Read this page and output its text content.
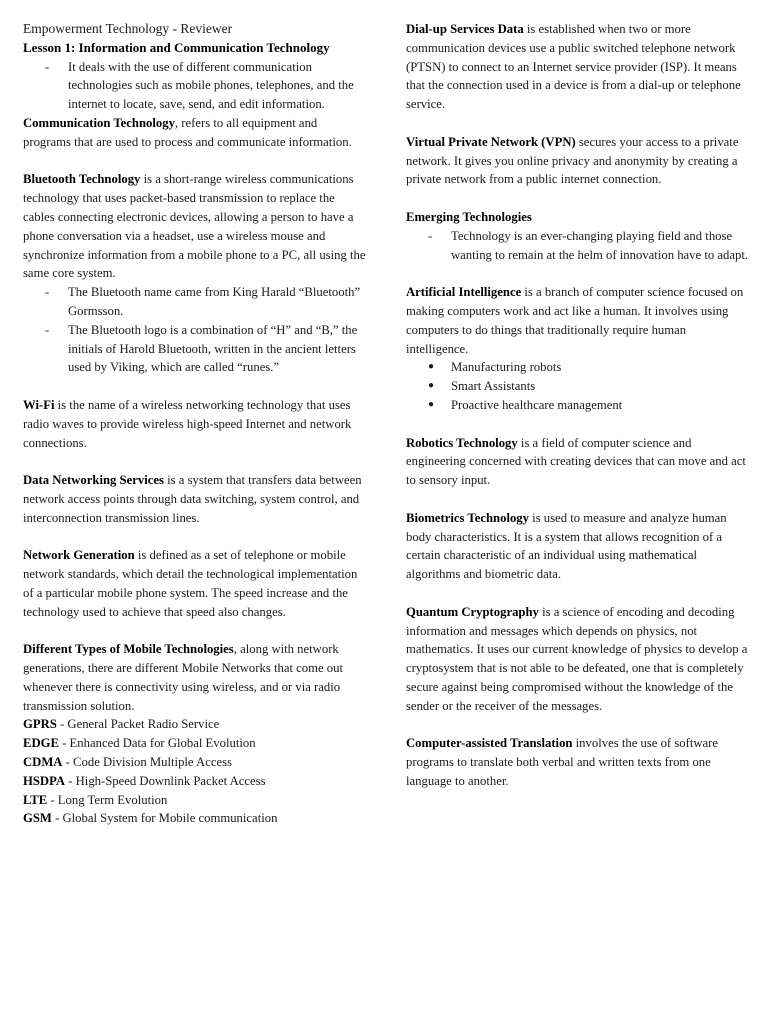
Empowerment Technology - Reviewer

Lesson 1: Information and Communication Technology

- It deals with the use of different communication technologies such as mobile phones, telephones, and the internet to locate, save, send, and edit information.

Communication Technology, refers to all equipment and programs that are used to process and communicate information.

Bluetooth Technology is a short-range wireless communications technology that uses packet-based transmission to replace the cables connecting electronic devices, allowing a person to have a phone conversation via a headset, use a wireless mouse and synchronize information from a mobile phone to a PC, all using the same core system.

- The Bluetooth name came from King Harald “Bluetooth” Gormsson.
- The Bluetooth logo is a combination of “H” and “B,” the initials of Harold Bluetooth, written in the ancient letters used by Viking, which are called “runes.”

Wi-Fi is the name of a wireless networking technology that uses radio waves to provide wireless high-speed Internet and network connections.

Data Networking Services is a system that transfers data between network access points through data switching, system control, and interconnection transmission lines.

Network Generation is defined as a set of telephone or mobile network standards, which detail the technological implementation of a particular mobile phone system. The speed increase and the technology used to achieve that speed also changes.

Different Types of Mobile Technologies, along with network generations, there are different Mobile Networks that come out whenever there is connectivity using wireless, and or via radio transmission solution.

GPRS - General Packet Radio Service

EDGE - Enhanced Data for Global Evolution

CDMA - Code Division Multiple Access

HSDPA - High-Speed Downlink Packet Access

LTE - Long Term Evolution

GSM - Global System for Mobile communication

Dial-up Services Data is established when two or more communication devices use a public switched telephone network (PTSN) to connect to an Internet service provider (ISP). It means that the connection used in a device is from a dial-up or telephone service.

Virtual Private Network (VPN) secures your access to a private network. It gives you online privacy and anonymity by creating a private network from a public internet connection.

Emerging Technologies

- Technology is an ever-changing playing field and those wanting to remain at the helm of innovation have to adapt.

Artificial Intelligence is a branch of computer science focused on making computers work and act like a human. It involves using computers to do things that traditionally require human intelligence.

● Manufacturing robots
● Smart Assistants
● Proactive healthcare management

Robotics Technology is a field of computer science and engineering concerned with creating devices that can move and act to sensory input.

Biometrics Technology is used to measure and analyze human body characteristics. It is a system that allows recognition of a certain characteristic of an individual using mathematical algorithms and biometric data.

Quantum Cryptography is a science of encoding and decoding information and messages which depends on physics, not mathematics. It uses our current knowledge of physics to develop a cryptosystem that is not able to be defeated, one that is completely secure against being compromised without the knowledge of the sender or the receiver of the messages.

Computer-assisted Translation involves the use of software programs to translate both verbal and written texts from one language to another.
